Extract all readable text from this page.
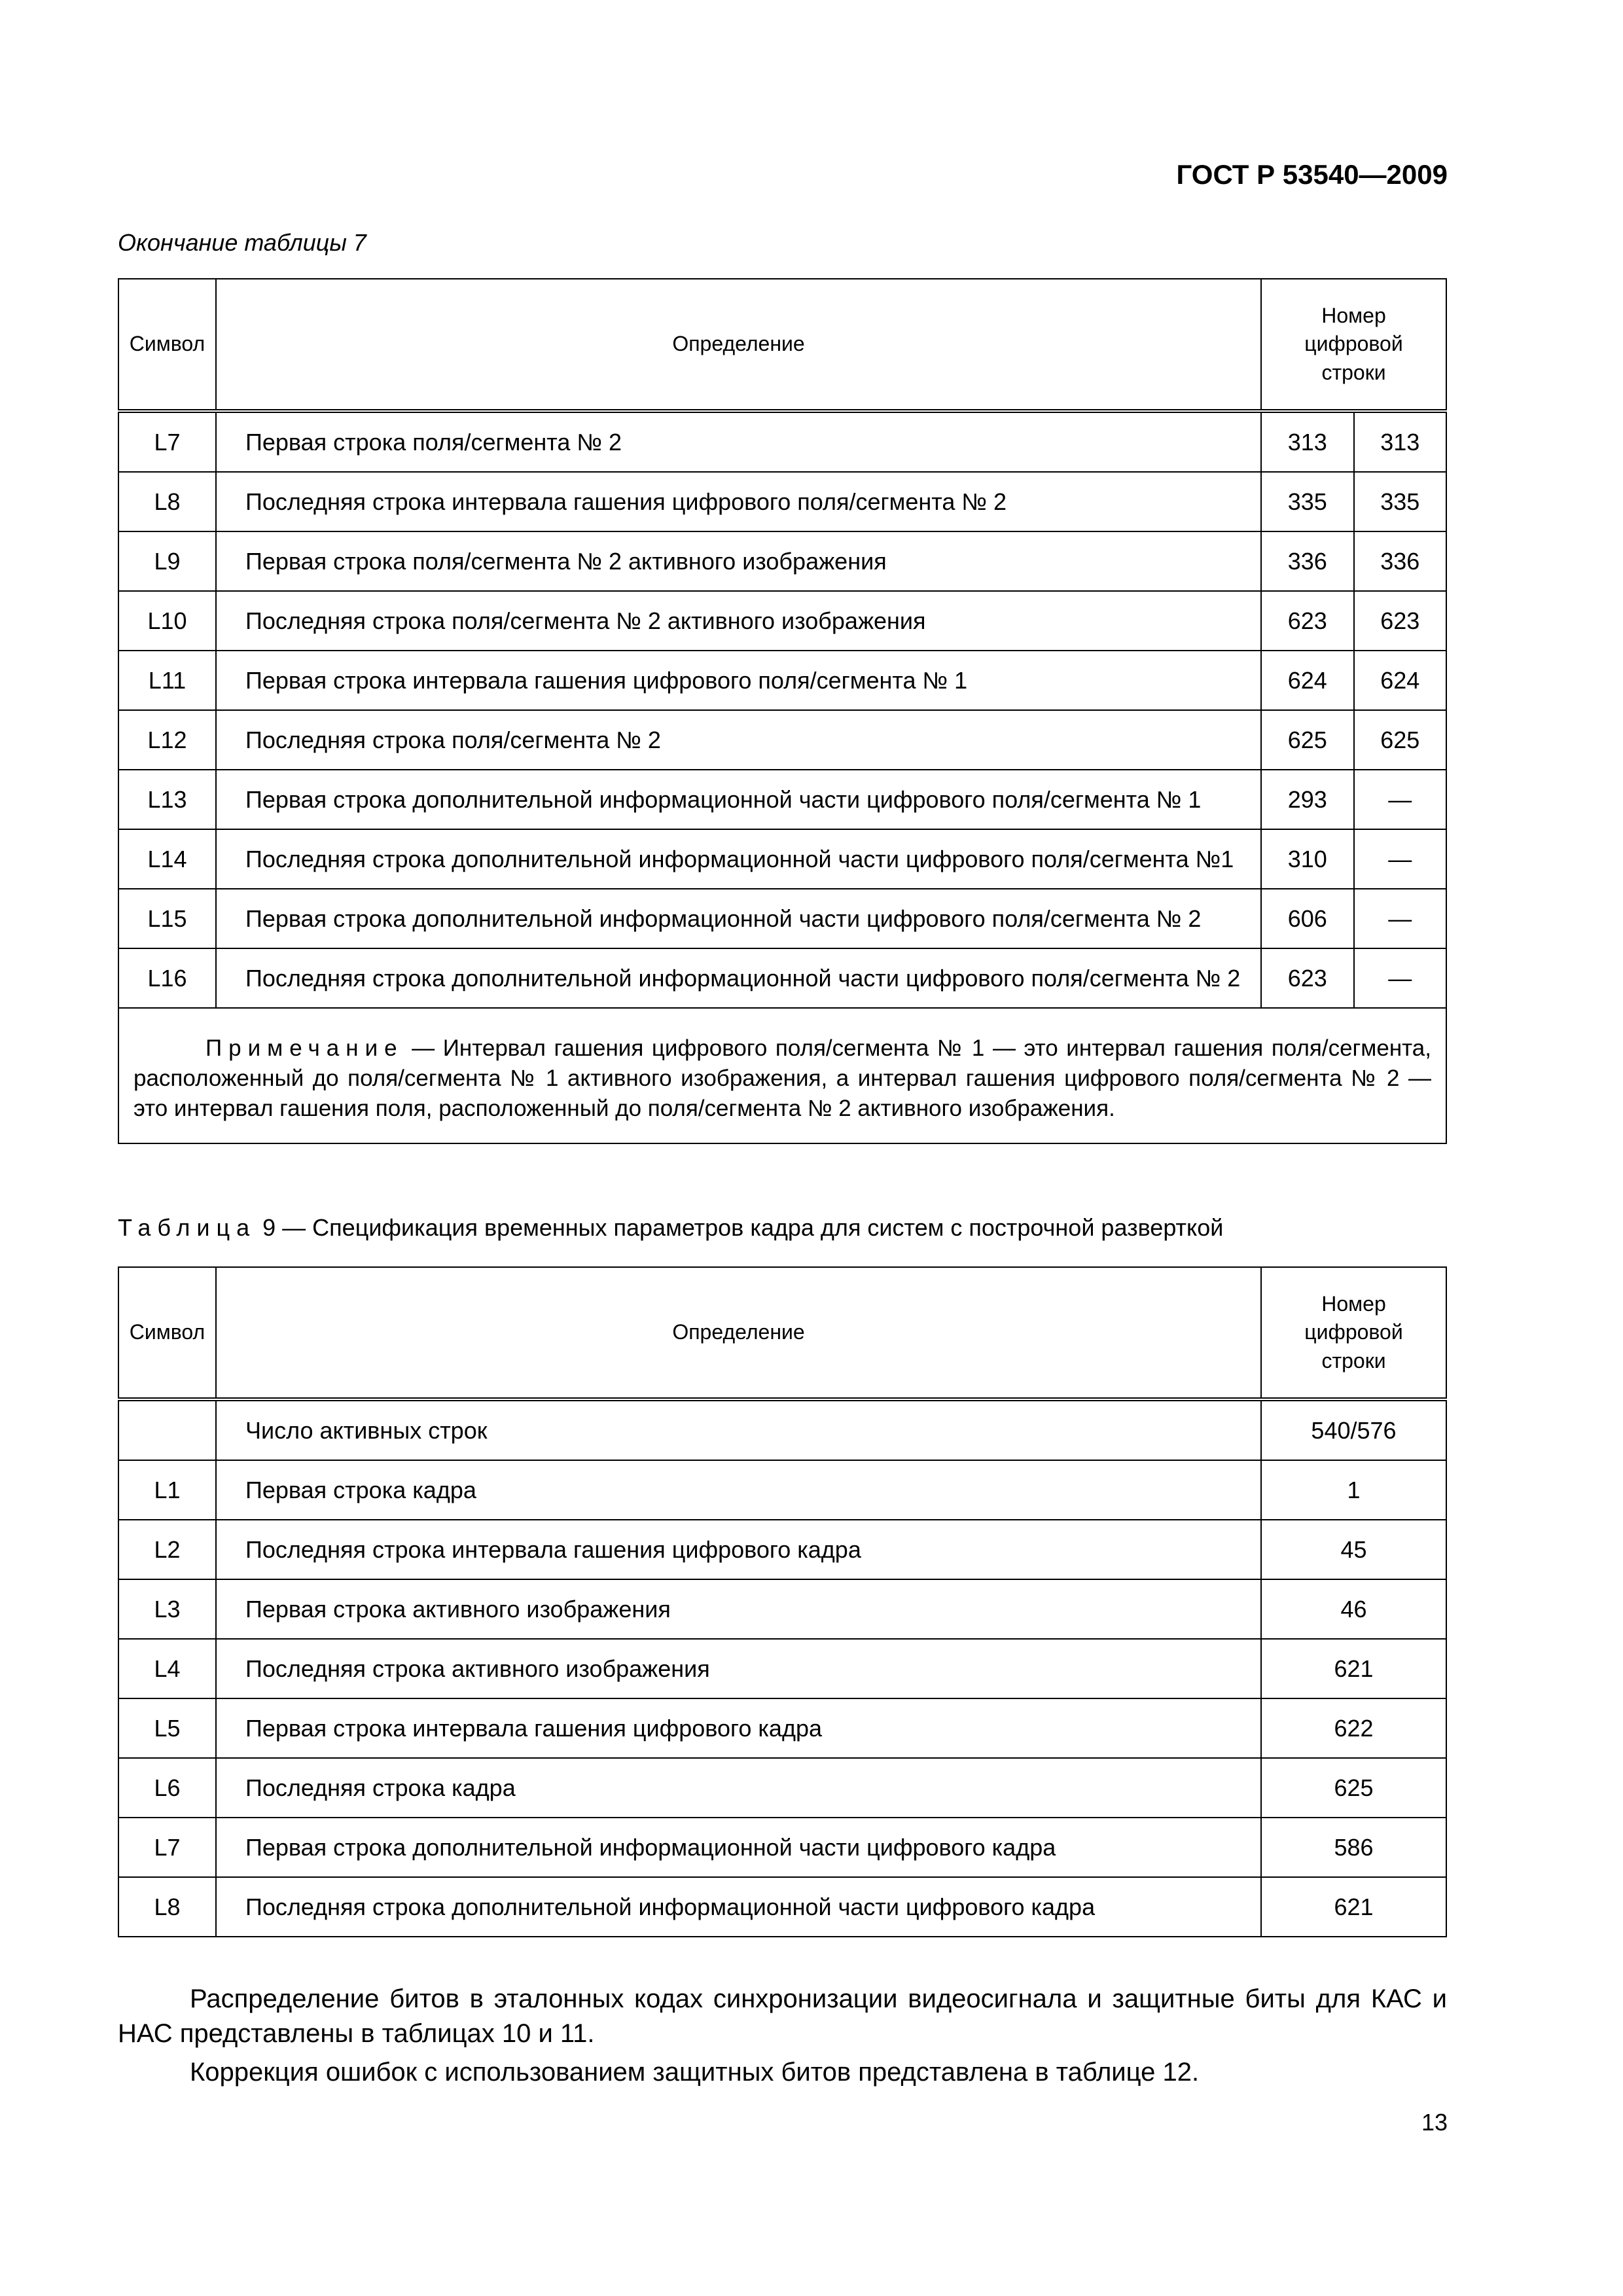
ГОСТ Р 53540—2009
Окончание таблицы 7
Символ	Определение	Номер цифровой строки	
L7	Первая строка поля/сегмента № 2	313	313
L8	Последняя строка интервала гашения цифрового поля/сегмента № 2	335	335
L9	Первая строка поля/сегмента № 2 активного изображения	336	336
L10	Последняя строка поля/сегмента № 2 активного изображения	623	623
L11	Первая строка интервала гашения цифрового поля/сегмента № 1	624	624
L12	Последняя строка поля/сегмента № 2	625	625
L13	Первая строка дополнительной информационной части цифрового поля/сегмента № 1	293	—
L14	Последняя строка дополнительной информационной части цифрового поля/сегмента №1	310	—
L15	Первая строка дополнительной информационной части цифрового поля/сегмента № 2	606	—
L16	Последняя строка дополнительной информационной части цифрового поля/сегмента № 2	623	—
Примечание — Интервал гашения цифрового поля/сегмента № 1 — это интервал гашения поля/сегмента, расположенный до поля/сегмента № 1 активного изображения, а интервал гашения цифрового поля/сегмента № 2 — это интервал гашения поля, расположенный до поля/сегмента № 2 активного изображения.			
Таблица 9 — Спецификация временных параметров кадра для систем с построчной разверткой
Символ	Определение	Номер цифровой строки
	Число активных строк	540/576
L1	Первая строка кадра	1
L2	Последняя строка интервала гашения цифрового кадра	45
L3	Первая строка активного изображения	46
L4	Последняя строка активного изображения	621
L5	Первая строка интервала гашения цифрового кадра	622
L6	Последняя строка кадра	625
L7	Первая строка дополнительной информационной части цифрового кадра	586
L8	Последняя строка дополнительной информационной части цифрового кадра	621
Распределение битов в эталонных кодах синхронизации видеосигнала и защитные биты для КАС и НАС представлены в таблицах 10 и 11.
Коррекция ошибок с использованием защитных битов представлена в таблице 12.
13
